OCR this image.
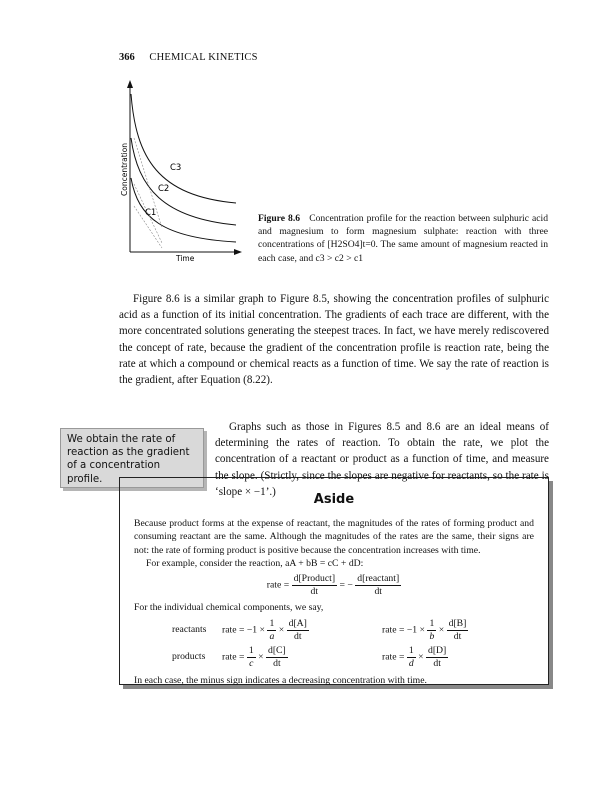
366 CHEMICAL KINETICS
C3
C2
C1
Concentration
Time
Figure 8.6 Concentration profile for the reaction between sulphuric acid and magnesium to form magnesium sulphate: reaction with three concentrations of [H2SO4]t=0. The same amount of magnesium reacted in each case, and c3 > c2 > c1
Figure 8.6 is a similar graph to Figure 8.5, showing the concentration profiles of sulphuric acid as a function of its initial concentration. The gradients of each trace are different, with the more concentrated solutions generating the steepest traces. In fact, we have merely rediscovered the concept of rate, because the gradient of the concentration profile is reaction rate, being the rate at which a compound or chemical reacts as a function of time. We say the rate of reaction is the gradient, after Equation (8.22).
We obtain the rate of reaction as the gradient of a concentration profile.
Graphs such as those in Figures 8.5 and 8.6 are an ideal means of determining the rates of reaction. To obtain the rate, we plot the concentration of a reactant or product as a function of time, and measure the slope. (Strictly, since the slopes are negative for reactants, so the rate is ‘slope × −1’.)
Aside

Because product forms at the expense of reactant, the magnitudes of the rates of forming product and consuming reactant are the same. Although the magnitudes of the rates are the same, their signs are not: the rate of forming product is positive because the concentration increases with time.

For example, consider the reaction, aA + bB = cC + dD:

rate = $\frac{\text{d[Product]}}{dt}$ = − $\frac{\text{d[reactant]}}{dt}$

For the individual chemical components, we say,

reactants	rate = $-1 \times \frac{1}{a} \times \frac{d[A]}{dt}$	rate = $-1 \times \frac{1}{b} \times \frac{d[B]}{dt}$
products	rate = $\frac{1}{c} \times \frac{d[C]}{dt}$	rate = $\frac{1}{d} \times \frac{d[D]}{dt}$

In each case, the minus sign indicates a decreasing concentration with time.
